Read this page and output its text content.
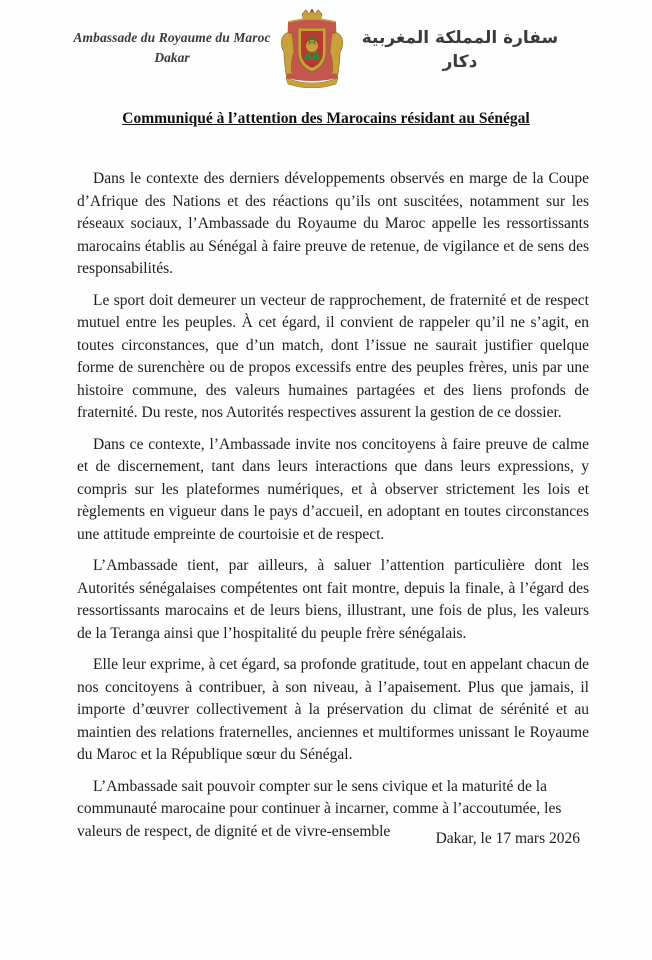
Ambassade du Royaume du Maroc
Dakar
سفارة المملكة المغربية
دكار
Communiqué à l’attention des Marocains résidant au Sénégal

Dans le contexte des derniers développements observés en marge de la Coupe d’Afrique des Nations et des réactions qu’ils ont suscitées, notamment sur les réseaux sociaux, l’Ambassade du Royaume du Maroc appelle les ressortissants marocains établis au Sénégal à faire preuve de retenue, de vigilance et de sens des responsabilités.

Le sport doit demeurer un vecteur de rapprochement, de fraternité et de respect mutuel entre les peuples. À cet égard, il convient de rappeler qu’il ne s’agit, en toutes circonstances, que d’un match, dont l’issue ne saurait justifier quelque forme de surenchère ou de propos excessifs entre des peuples frères, unis par une histoire commune, des valeurs humaines partagées et des liens profonds de fraternité. Du reste, nos Autorités respectives assurent la gestion de ce dossier.

Dans ce contexte, l’Ambassade invite nos concitoyens à faire preuve de calme et de discernement, tant dans leurs interactions que dans leurs expressions, y compris sur les plateformes numériques, et à observer strictement les lois et règlements en vigueur dans le pays d’accueil, en adoptant en toutes circonstances une attitude empreinte de courtoisie et de respect.

L’Ambassade tient, par ailleurs, à saluer l’attention particulière dont les Autorités sénégalaises compétentes ont fait montre, depuis la finale, à l’égard des ressortissants marocains et de leurs biens, illustrant, une fois de plus, les valeurs de la Teranga ainsi que l’hospitalité du peuple frère sénégalais.

Elle leur exprime, à cet égard, sa profonde gratitude, tout en appelant chacun de nos concitoyens à contribuer, à son niveau, à l’apaisement. Plus que jamais, il importe d’œuvrer collectivement à la préservation du climat de sérénité et au maintien des relations fraternelles, anciennes et multiformes unissant le Royaume du Maroc et la République sœur du Sénégal.

L’Ambassade sait pouvoir compter sur le sens civique et la maturité de la communauté marocaine pour continuer à incarner, comme à l’accoutumée, les valeurs de respect, de dignité et de vivre-ensemble	Dakar, le 17 mars 2026
